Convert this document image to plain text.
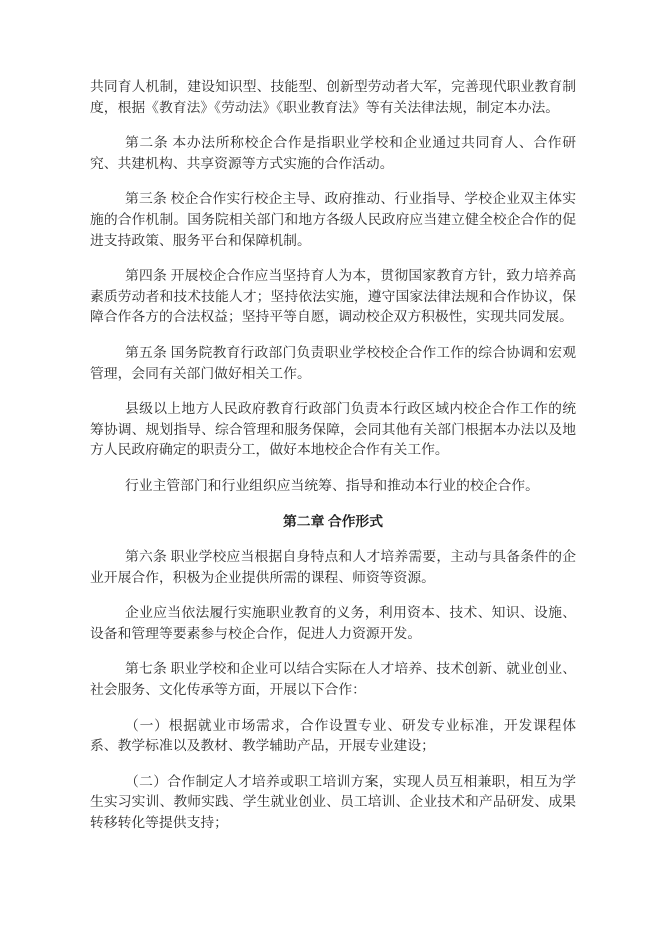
共同育人机制，建设知识型、技能型、创新型劳动者大军，完善现代职业教育制度，根据《教育法》《劳动法》《职业教育法》等有关法律法规，制定本办法。

第二条 本办法所称校企合作是指职业学校和企业通过共同育人、合作研究、共建机构、共享资源等方式实施的合作活动。

第三条 校企合作实行校企主导、政府推动、行业指导、学校企业双主体实施的合作机制。国务院相关部门和地方各级人民政府应当建立健全校企合作的促进支持政策、服务平台和保障机制。

第四条 开展校企合作应当坚持育人为本，贯彻国家教育方针，致力培养高素质劳动者和技术技能人才；坚持依法实施，遵守国家法律法规和合作协议，保障合作各方的合法权益；坚持平等自愿，调动校企双方积极性，实现共同发展。

第五条 国务院教育行政部门负责职业学校校企合作工作的综合协调和宏观管理，会同有关部门做好相关工作。

县级以上地方人民政府教育行政部门负责本行政区域内校企合作工作的统筹协调、规划指导、综合管理和服务保障，会同其他有关部门根据本办法以及地方人民政府确定的职责分工，做好本地校企合作有关工作。

行业主管部门和行业组织应当统筹、指导和推动本行业的校企合作。

第二章 合作形式

第六条 职业学校应当根据自身特点和人才培养需要，主动与具备条件的企业开展合作，积极为企业提供所需的课程、师资等资源。

企业应当依法履行实施职业教育的义务，利用资本、技术、知识、设施、设备和管理等要素参与校企合作，促进人力资源开发。

第七条 职业学校和企业可以结合实际在人才培养、技术创新、就业创业、社会服务、文化传承等方面，开展以下合作：

（一）根据就业市场需求，合作设置专业、研发专业标准，开发课程体系、教学标准以及教材、教学辅助产品，开展专业建设；

（二）合作制定人才培养或职工培训方案，实现人员互相兼职，相互为学生实习实训、教师实践、学生就业创业、员工培训、企业技术和产品研发、成果转移转化等提供支持；
